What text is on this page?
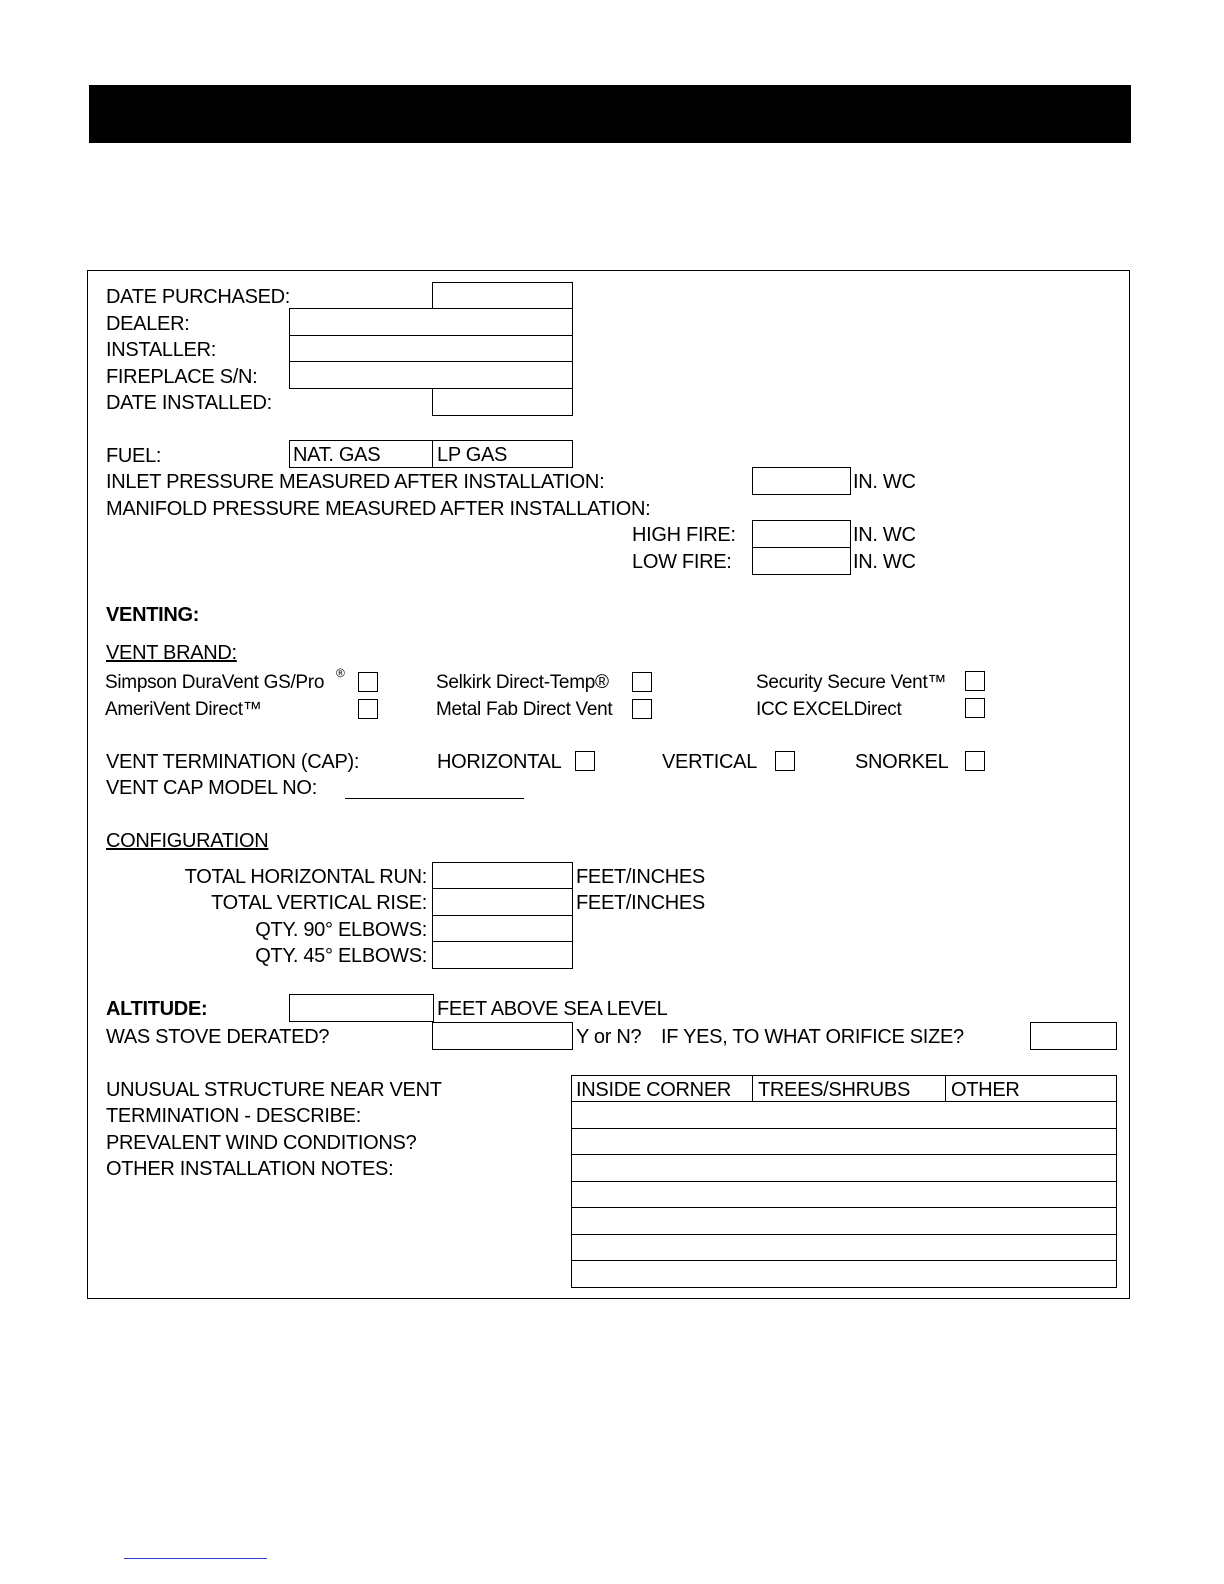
DATE PURCHASED:
DEALER:
INSTALLER:
FIREPLACE S/N:
DATE INSTALLED:
FUEL:	NAT. GAS	LP GAS
INLET PRESSURE MEASURED AFTER INSTALLATION:	IN. WC
MANIFOLD PRESSURE MEASURED AFTER INSTALLATION:
HIGH FIRE:	IN. WC
LOW FIRE:	IN. WC
VENTING:
VENT BRAND:
Simpson DuraVent GS/Pro ®	Selkirk Direct-Temp®	Security Secure Vent™
AmeriVent Direct™	Metal Fab Direct Vent	ICC EXCELDirect
VENT TERMINATION (CAP):	HORIZONTAL	VERTICAL	SNORKEL
VENT CAP MODEL NO:
CONFIGURATION
TOTAL HORIZONTAL RUN:	FEET/INCHES
TOTAL VERTICAL RISE:	FEET/INCHES
QTY. 90° ELBOWS:
QTY. 45° ELBOWS:
ALTITUDE:	FEET ABOVE SEA LEVEL
WAS STOVE DERATED?	Y or N? IF YES, TO WHAT ORIFICE SIZE?
UNUSUAL STRUCTURE NEAR VENT
TERMINATION - DESCRIBE:
PREVALENT WIND CONDITIONS?
OTHER INSTALLATION NOTES:
INSIDE CORNER TREES/SHRUBS OTHER
